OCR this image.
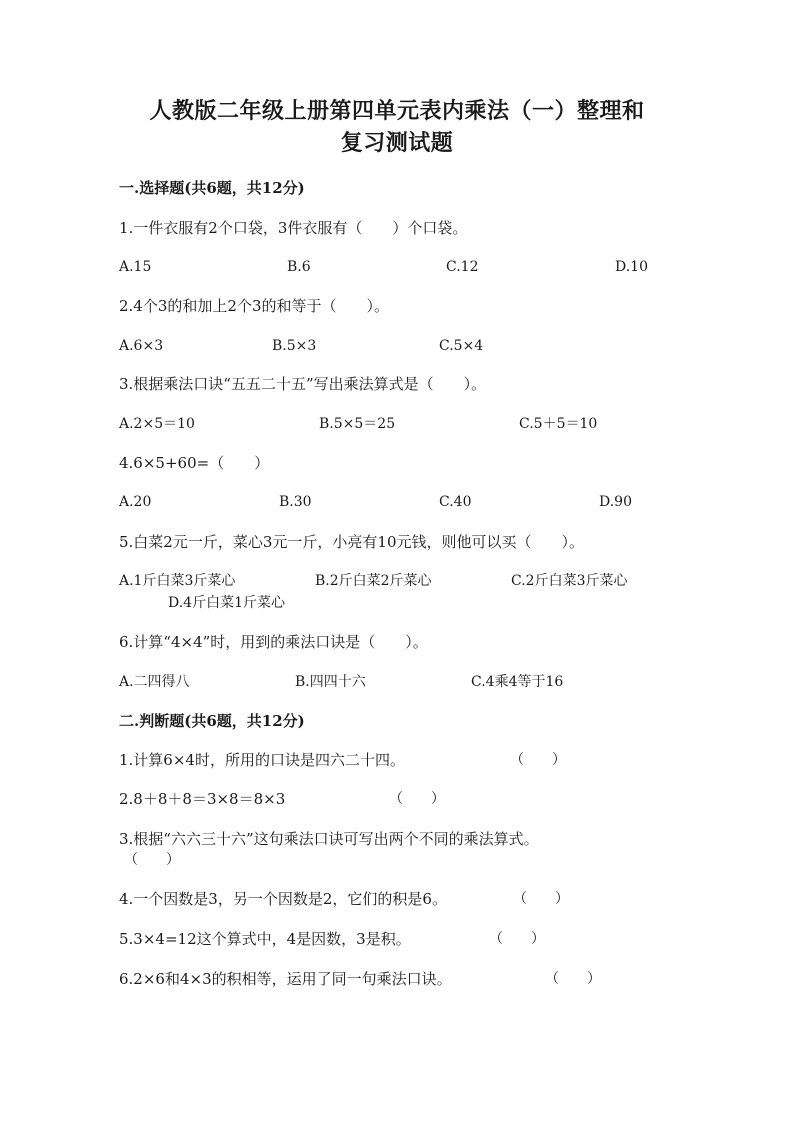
人教版二年级上册第四单元表内乘法（一）整理和
复习测试题
一.选择题(共6题，共12分)
1.一件衣服有2个口袋，3件衣服有（　　）个口袋。
A.15	B.6	C.12	D.10
2.4个3的和加上2个3的和等于（　　）。
A.6×3	B.5×3	C.5×4
3.根据乘法口诀“五五二十五”写出乘法算式是（　　）。
A.2×5＝10	B.5×5＝25	C.5＋5＝10
4.6×5+60=（　　）
A.20	B.30	C.40	D.90
5.白菜2元一斤，菜心3元一斤，小亮有10元钱，则他可以买（　　）。
A.1斤白菜3斤菜心	B.2斤白菜2斤菜心	C.2斤白菜3斤菜心
D.4斤白菜1斤菜心
6.计算“4×4”时，用到的乘法口诀是（　　）。
A.二四得八	B.四四十六	C.4乘4等于16
二.判断题(共6题，共12分)
1.计算6×4时，所用的口诀是四六二十四。	（　　）
2.8＋8＋8＝3×8＝8×3	（　　）
3.根据“六六三十六”这句乘法口诀可写出两个不同的乘法算式。
（　　）
4.一个因数是3，另一个因数是2，它们的积是6。	（　　）
5.3×4=12这个算式中，4是因数，3是积。	（　　）
6.2×6和4×3的积相等，运用了同一句乘法口诀。	（　　）
